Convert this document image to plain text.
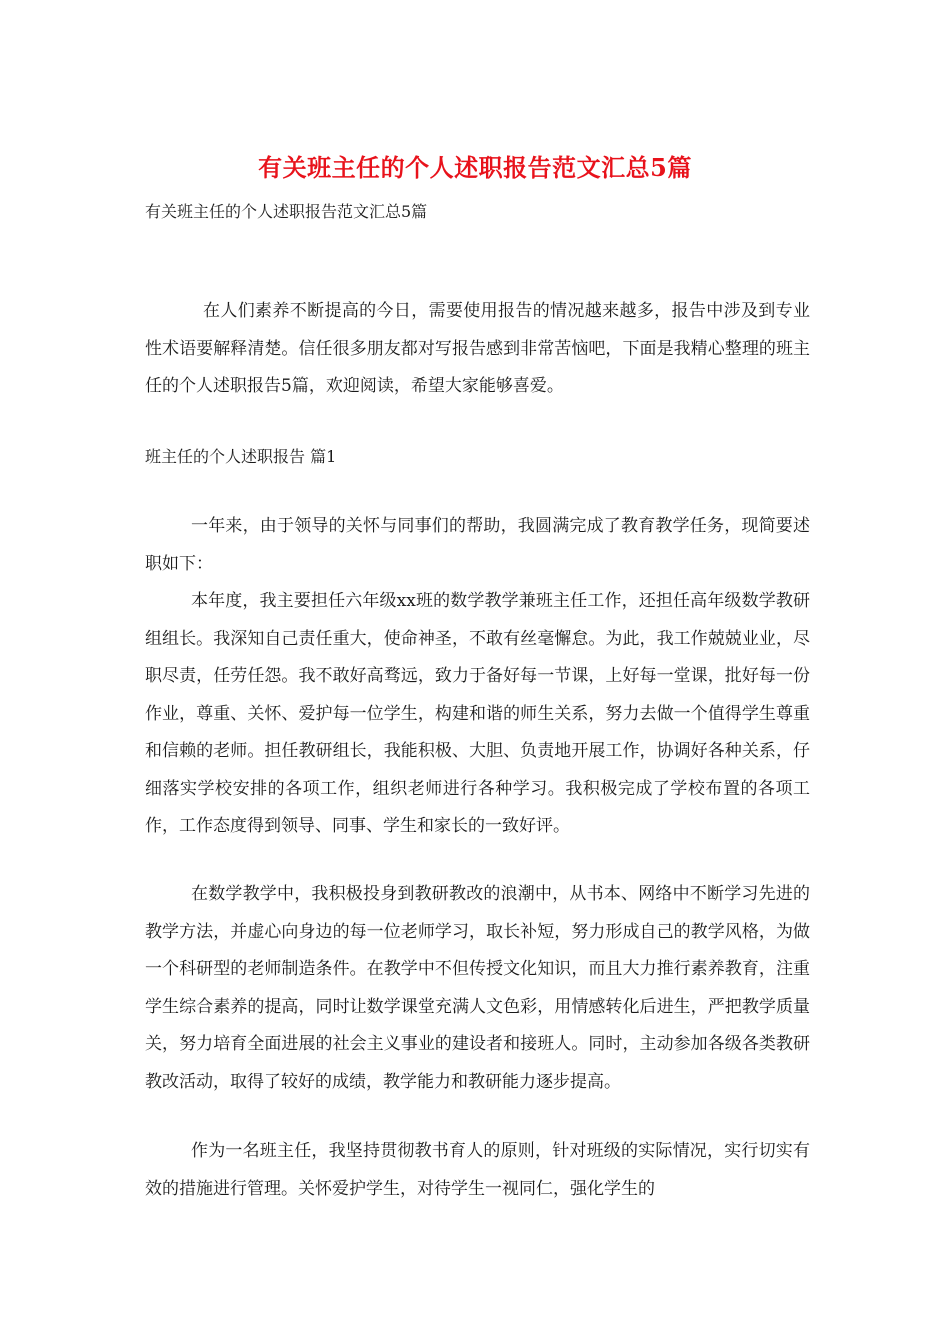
有关班主任的个人述职报告范文汇总5篇
有关班主任的个人述职报告范文汇总5篇

在人们素养不断提高的今日，需要使用报告的情况越来越多，报告中涉及到专业性术语要解释清楚。信任很多朋友都对写报告感到非常苦恼吧，下面是我精心整理的班主任的个人述职报告5篇，欢迎阅读，希望大家能够喜爱。

班主任的个人述职报告 篇1

一年来，由于领导的关怀与同事们的帮助，我圆满完成了教育教学任务，现简要述职如下：

本年度，我主要担任六年级xx班的数学教学兼班主任工作，还担任高年级数学教研组组长。我深知自己责任重大，使命神圣，不敢有丝毫懈怠。为此，我工作兢兢业业，尽职尽责，任劳任怨。我不敢好高骛远，致力于备好每一节课，上好每一堂课，批好每一份作业，尊重、关怀、爱护每一位学生，构建和谐的师生关系，努力去做一个值得学生尊重和信赖的老师。担任教研组长，我能积极、大胆、负责地开展工作，协调好各种关系，仔细落实学校安排的各项工作，组织老师进行各种学习。我积极完成了学校布置的各项工作，工作态度得到领导、同事、学生和家长的一致好评。

在数学教学中，我积极投身到教研教改的浪潮中，从书本、网络中不断学习先进的教学方法，并虚心向身边的每一位老师学习，取长补短，努力形成自己的教学风格，为做一个科研型的老师制造条件。在教学中不但传授文化知识，而且大力推行素养教育，注重学生综合素养的提高，同时让数学课堂充满人文色彩，用情感转化后进生，严把教学质量关，努力培育全面进展的社会主义事业的建设者和接班人。同时，主动参加各级各类教研教改活动，取得了较好的成绩，教学能力和教研能力逐步提高。

作为一名班主任，我坚持贯彻教书育人的原则，针对班级的实际情况，实行切实有效的措施进行管理。关怀爱护学生，对待学生一视同仁，强化学生的
